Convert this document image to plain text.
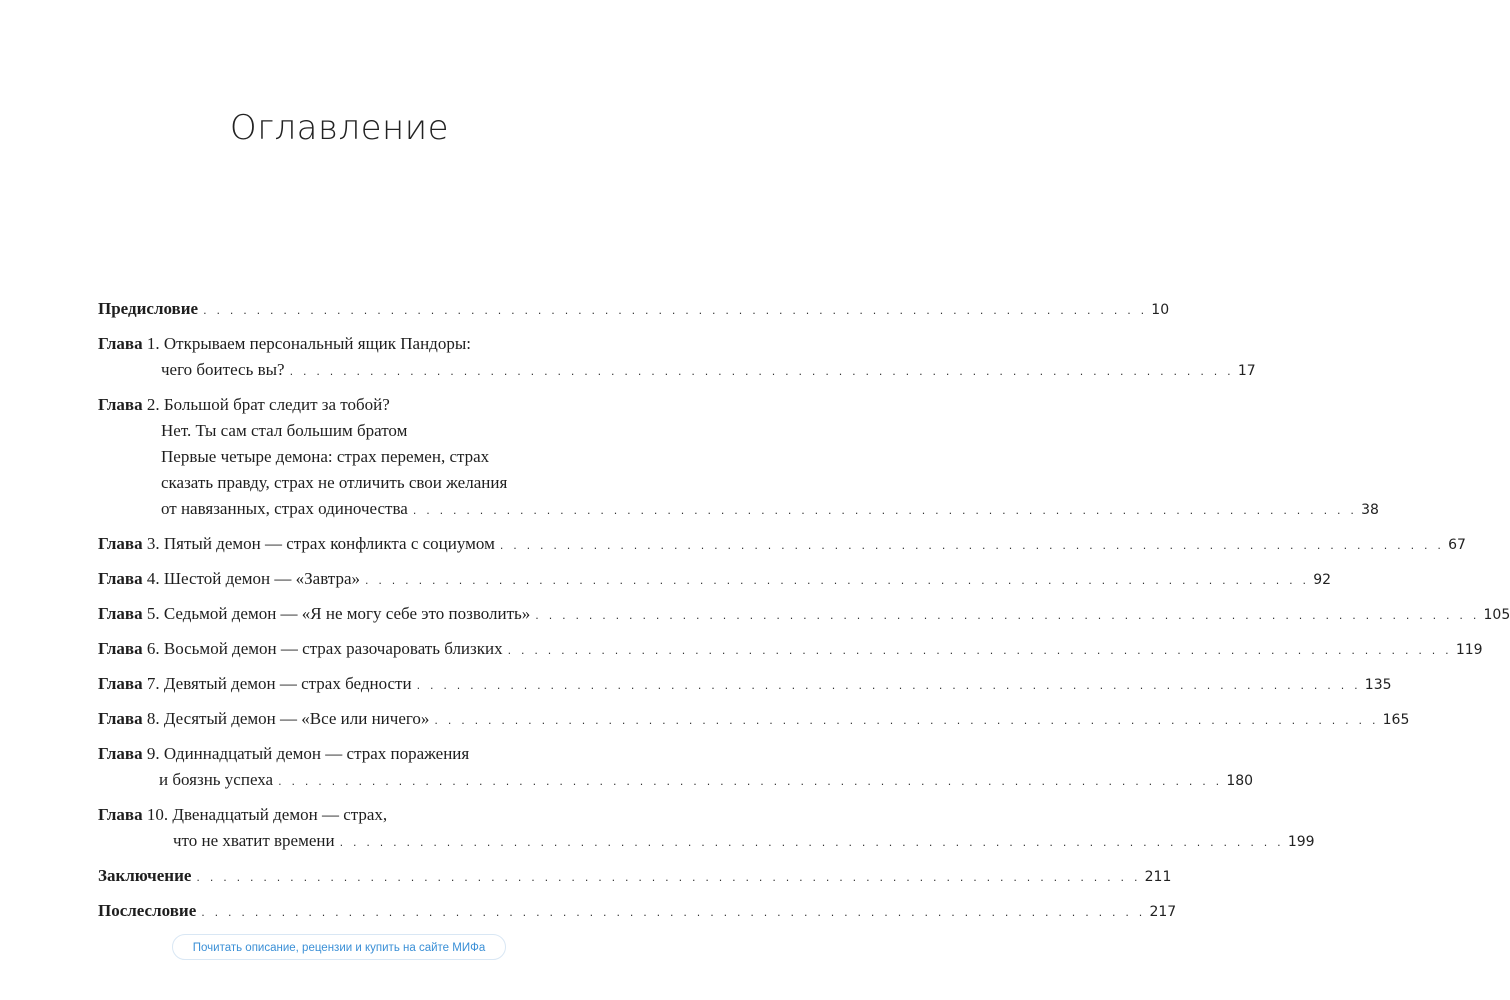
Оглавление
Предисловие . . . . . . . . . . . . . . . . . . . . . . . . . . . . . . . . . . . . . . . . . . . . . . . . . . . . . . . . . . . . . . . . . . . . . . . 10
Глава 1. Открываем персональный ящик Пандоры:
чего боитесь вы? . . . . . . . . . . . . . . . . . . . . . . . . . . . . . . . . . . . . . . . . . . . . . . . . . . . . . . . . . . . . . . . . . . . . . . . 17
Глава 2. Большой брат следит за тобой?
Нет. Ты сам стал большим братом
Первые четыре демона: страх перемен, страх
сказать правду, страх не отличить свои желания
от навязанных, страх одиночества . . . . . . . . . . . . . . . . . . . . . . . . . . . . . . . . . . . . . . . . . . . . . . . . . . . . . . . . . . . . . . . . . . . . . . . 38
Глава 3. Пятый демон — страх конфликта с социумом . . . . . . . . . . . . . . . . . . . . . . . . . . . . . . . . . . . . . . . . . . . . . . . . . . . . . . . . . . . . . . . . . . . . . . . 67
Глава 4. Шестой демон — «Завтра» . . . . . . . . . . . . . . . . . . . . . . . . . . . . . . . . . . . . . . . . . . . . . . . . . . . . . . . . . . . . . . . . . . . . . . . 92
Глава 5. Седьмой демон — «Я не могу себе это позволить» . . . . . . . . . . . . . . . . . . . . . . . . . . . . . . . . . . . . . . . . . . . . . . . . . . . . . . . . . . . . . . . . . . . . . . . 105
Глава 6. Восьмой демон — страх разочаровать близких . . . . . . . . . . . . . . . . . . . . . . . . . . . . . . . . . . . . . . . . . . . . . . . . . . . . . . . . . . . . . . . . . . . . . . . 119
Глава 7. Девятый демон — страх бедности . . . . . . . . . . . . . . . . . . . . . . . . . . . . . . . . . . . . . . . . . . . . . . . . . . . . . . . . . . . . . . . . . . . . . . . 135
Глава 8. Десятый демон — «Все или ничего» . . . . . . . . . . . . . . . . . . . . . . . . . . . . . . . . . . . . . . . . . . . . . . . . . . . . . . . . . . . . . . . . . . . . . . . 165
Глава 9. Одиннадцатый демон — страх поражения
и боязнь успеха . . . . . . . . . . . . . . . . . . . . . . . . . . . . . . . . . . . . . . . . . . . . . . . . . . . . . . . . . . . . . . . . . . . . . . . 180
Глава 10. Двенадцатый демон — страх,
что не хватит времени . . . . . . . . . . . . . . . . . . . . . . . . . . . . . . . . . . . . . . . . . . . . . . . . . . . . . . . . . . . . . . . . . . . . . . . 199
Заключение . . . . . . . . . . . . . . . . . . . . . . . . . . . . . . . . . . . . . . . . . . . . . . . . . . . . . . . . . . . . . . . . . . . . . . . 211
Послесловие . . . . . . . . . . . . . . . . . . . . . . . . . . . . . . . . . . . . . . . . . . . . . . . . . . . . . . . . . . . . . . . . . . . . . . . 217
Почитать описание, рецензии и купить на сайте МИФа
